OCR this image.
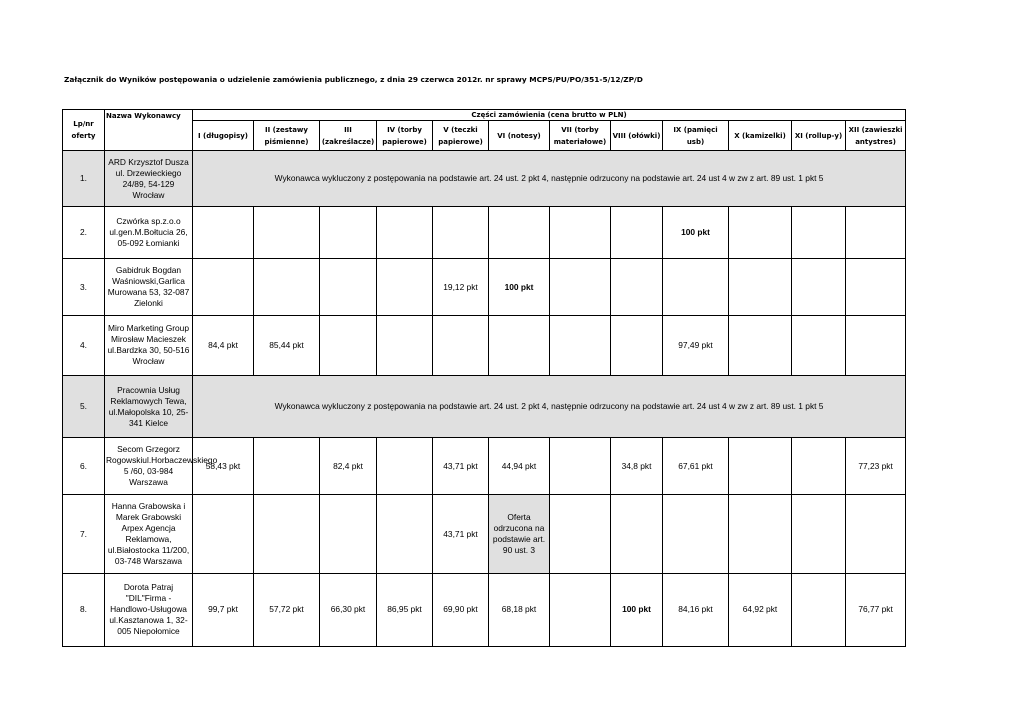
Załącznik do Wyników postępowania o udzielenie zamówienia publicznego, z dnia 29 czerwca 2012r. nr sprawy MCPS/PU/PO/351-5/12/ZP/D
Lp/nr oferty	Nazwa Wykonawcy	Części zamówienia (cena brutto w PLN)											
		I (długopisy)	II (zestawy piśmienne)	III (zakreślacze)	IV (torby papierowe)	V (teczki papierowe)	VI (notesy)	VII (torby materiałowe)	VIII (ołówki)	IX (pamięci usb)	X (kamizelki)	XI (rollup-y)	XII (zawieszki antystres)
1.	ARD Krzysztof Dusza ul. Drzewieckiego 24/89, 54-129 Wrocław	Wykonawca wykluczony z postępowania na podstawie art. 24 ust. 2 pkt 4, następnie odrzucony na podstawie art. 24 ust 4 w zw z art. 89 ust. 1 pkt 5											
2.	Czwórka sp.z.o.o ul.gen.M.Bołtucia 26, 05-092 Łomianki									100 pkt			
3.	Gabidruk Bogdan Waśniowski,Garlica Murowana 53, 32-087 Zielonki					19,12 pkt	100 pkt						
4.	Miro Marketing Group Mirosław Macieszek ul.Bardzka 30, 50-516 Wrocław	84,4 pkt	85,44 pkt							97,49 pkt			
5.	Pracownia Usług Reklamowych Tewa, ul.Małopolska 10, 25-341 Kielce	Wykonawca wykluczony z postępowania na podstawie art. 24 ust. 2 pkt 4, następnie odrzucony na podstawie art. 24 ust 4 w zw z art. 89 ust. 1 pkt 5											
6.	Secom Grzegorz Rogowskiul.Horbaczewskiego 5 /60, 03-984 Warszawa	58,43 pkt		82,4 pkt		43,71 pkt	44,94 pkt		34,8 pkt	67,61 pkt			77,23 pkt
7.	Hanna Grabowska i Marek Grabowski Arpex Agencja Reklamowa, ul.Białostocka 11/200, 03-748 Warszawa					43,71 pkt	Oferta odrzucona na podstawie art. 90 ust. 3						
8.	Dorota Patraj "DIL"Firma - Handlowo-Usługowa ul.Kasztanowa 1, 32-005 Niepołomice	99,7 pkt	57,72 pkt	66,30 pkt	86,95 pkt	69,90 pkt	68,18 pkt		100 pkt	84,16 pkt	64,92 pkt		76,77 pkt
